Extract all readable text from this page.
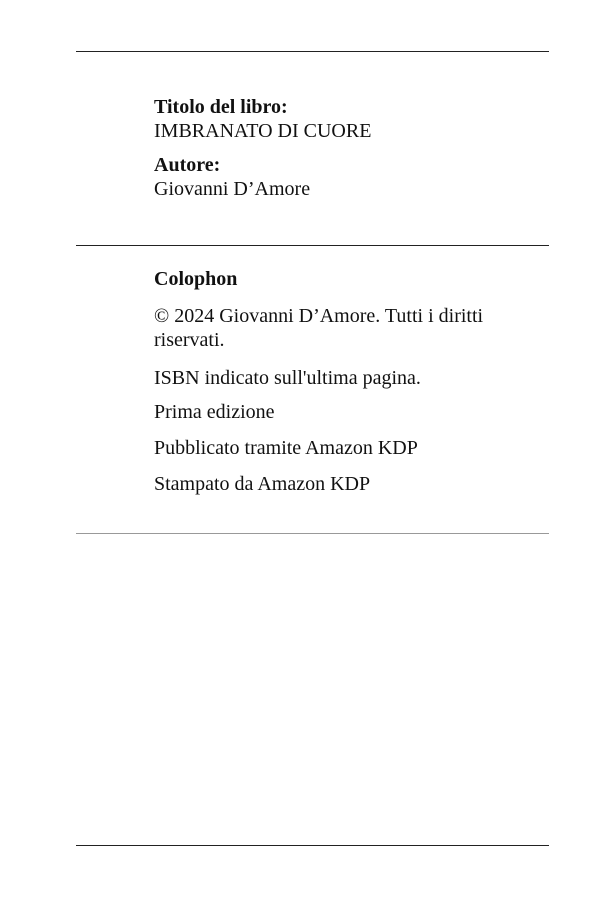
Titolo del libro:

IMBRANATO DI CUORE

Autore:

Giovanni D’Amore

Colophon

© 2024 Giovanni D’Amore. Tutti i diritti riservati.

ISBN indicato sull'ultima pagina.

Prima edizione

Pubblicato tramite Amazon KDP

Stampato da Amazon KDP
